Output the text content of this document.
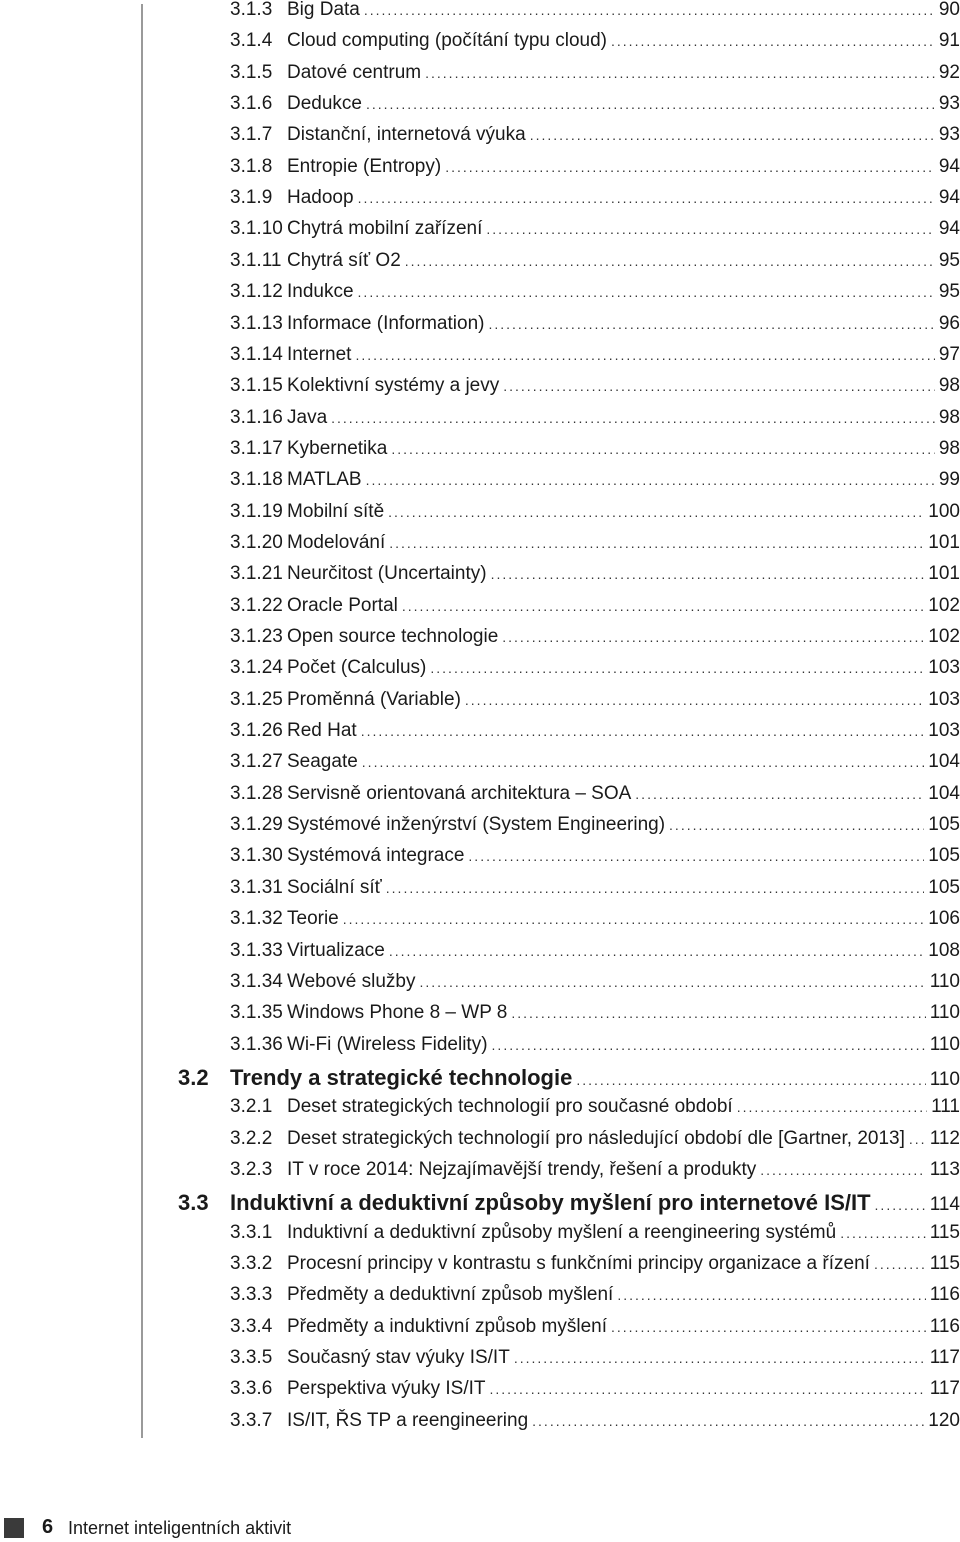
3.1.3 Big Data .....	90
3.1.4 Cloud computing (počítání typu cloud) .....	91
3.1.5 Datové centrum .....	92
3.1.6 Dedukce .....	93
3.1.7 Distanční, internetová výuka .....	93
3.1.8 Entropie (Entropy) .....	94
3.1.9 Hadoop .....	94
3.1.10 Chytrá mobilní zařízení .....	94
3.1.11 Chytrá síť O2 .....	95
3.1.12 Indukce .....	95
3.1.13 Informace (Information) .....	96
3.1.14 Internet .....	97
3.1.15 Kolektivní systémy a jevy .....	98
3.1.16 Java .....	98
3.1.17 Kybernetika .....	98
3.1.18 MATLAB .....	99
3.1.19 Mobilní sítě .....	100
3.1.20 Modelování .....	101
3.1.21 Neurčitost (Uncertainty) .....	101
3.1.22 Oracle Portal .....	102
3.1.23 Open source technologie .....	102
3.1.24 Počet (Calculus) .....	103
3.1.25 Proměnná (Variable) .....	103
3.1.26 Red Hat .....	103
3.1.27 Seagate .....	104
3.1.28 Servisně orientovaná architektura – SOA .....	104
3.1.29 Systémové inženýrství (System Engineering) .....	105
3.1.30 Systémová integrace .....	105
3.1.31 Sociální síť .....	105
3.1.32 Teorie .....	106
3.1.33 Virtualizace .....	108
3.1.34 Webové služby .....	110
3.1.35 Windows Phone 8 – WP 8 .....	110
3.1.36 Wi-Fi (Wireless Fidelity) .....	110
3.2 Trendy a strategické technologie .....	110
3.2.1 Deset strategických technologií pro současné období .....	111
3.2.2 Deset strategických technologií pro následující období dle [Gartner, 2013] ..... 112
3.2.3 IT v roce 2014: Nejzajímavější trendy, řešení a produkty .....	113
3.3 Induktivní a deduktivní způsoby myšlení pro internetové IS/IT .....	114
3.3.1 Induktivní a deduktivní způsoby myšlení a reengineering systémů .....	115
3.3.2 Procesní principy v kontrastu s funkčními principy organizace a řízení .....	115
3.3.3 Předměty a deduktivní způsob myšlení .....	116
3.3.4 Předměty a induktivní způsob myšlení .....	116
3.3.5 Současný stav výuky IS/IT .....	117
3.3.6 Perspektiva výuky IS/IT .....	117
3.3.7 IS/IT, ŘS TP a reengineering .....	120
6 Internet inteligentních aktivit
